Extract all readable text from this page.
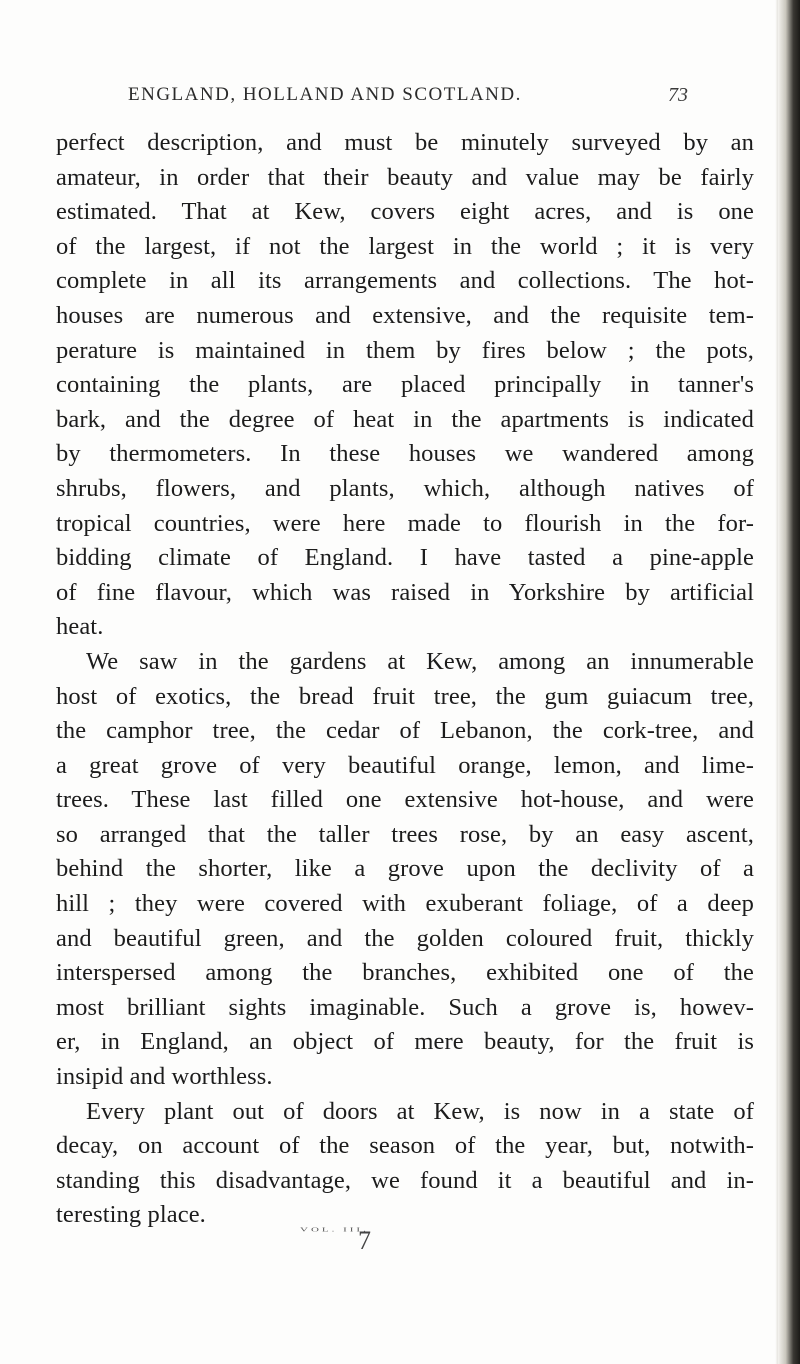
ENGLAND, HOLLAND AND SCOTLAND.	73
perfect description, and must be minutely surveyed by an
amateur, in order that their beauty and value may be fairly
estimated. That at Kew, covers eight acres, and is one
of the largest, if not the largest in the world ; it is very
complete in all its arrangements and collections. The hot-
houses are numerous and extensive, and the requisite tem-
perature is maintained in them by fires below ; the pots,
containing the plants, are placed principally in tanner's
bark, and the degree of heat in the apartments is indicated
by thermometers. In these houses we wandered among
shrubs, flowers, and plants, which, although natives of
tropical countries, were here made to flourish in the for-
bidding climate of England. I have tasted a pine-apple
of fine flavour, which was raised in Yorkshire by artificial
heat.
We saw in the gardens at Kew, among an innumerable
host of exotics, the bread fruit tree, the gum guiacum tree,
the camphor tree, the cedar of Lebanon, the cork-tree, and
a great grove of very beautiful orange, lemon, and lime-
trees. These last filled one extensive hot-house, and were
so arranged that the taller trees rose, by an easy ascent,
behind the shorter, like a grove upon the declivity of a
hill ; they were covered with exuberant foliage, of a deep
and beautiful green, and the golden coloured fruit, thickly
interspersed among the branches, exhibited one of the
most brilliant sights imaginable. Such a grove is, howev-
er, in England, an object of mere beauty, for the fruit is
insipid and worthless.
Every plant out of doors at Kew, is now in a state of
decay, on account of the season of the year, but, notwith-
standing this disadvantage, we found it a beautiful and in-
teresting place.
VOL. III.
7
